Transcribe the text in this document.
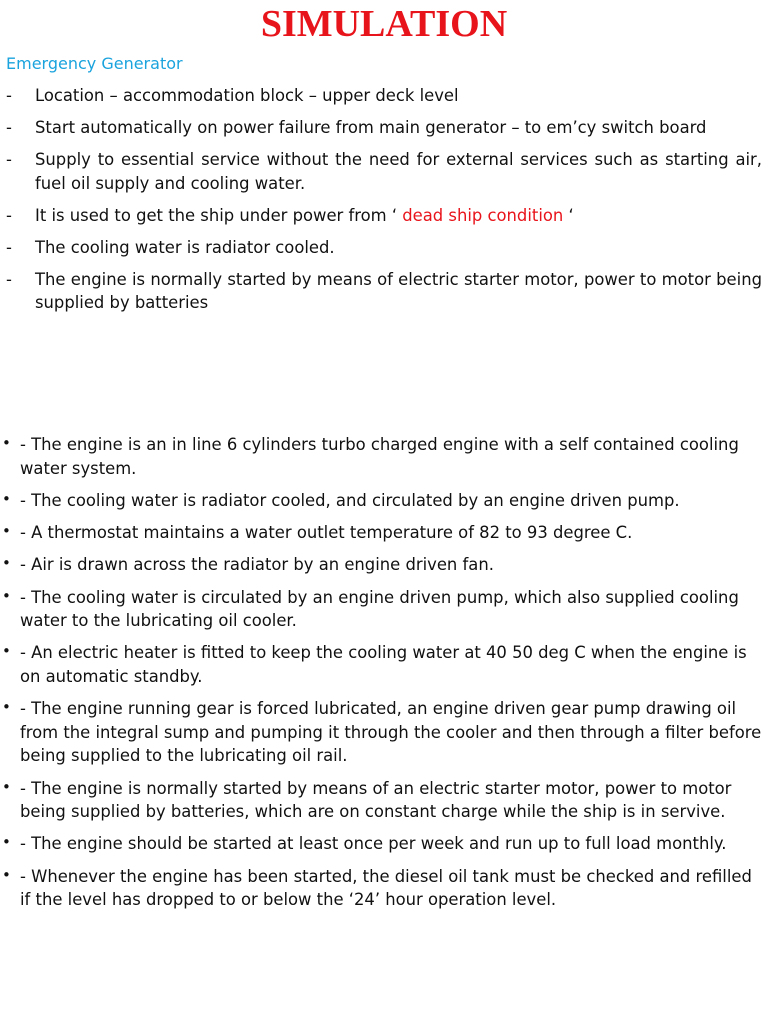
SIMULATION
Emergency Generator
-	Location – accommodation block – upper deck level
-	Start automatically on power failure from main generator – to em’cy switch board
-	Supply to essential service without the need for external services such as starting air, fuel oil supply and cooling water.
-	It is used to get the ship under power from ‘ dead ship condition ‘
-	The cooling water is radiator cooled.
-	The engine is normally started by means of electric starter motor, power to motor being supplied by batteries
• - The engine is an in line 6 cylinders turbo charged engine with a self contained cooling water system.
• - The cooling water is radiator cooled, and circulated by an engine driven pump.
• - A thermostat maintains a water outlet temperature of 82 to 93 degree C.
• - Air is drawn across the radiator by an engine driven fan.
• - The cooling water is circulated by an engine driven pump, which also supplied cooling water to the lubricating oil cooler.
• - An electric heater is fitted to keep the cooling water at 40 50 deg C when the engine is on automatic standby.
• - The engine running gear is forced lubricated, an engine driven gear pump drawing oil from the integral sump and pumping it through the cooler and then through a filter before being supplied to the lubricating oil rail.
• - The engine is normally started by means of an electric starter motor, power to motor being supplied by batteries, which are on constant charge while the ship is in servive.
• - The engine should be started at least once per week and run up to full load monthly.
• - Whenever the engine has been started, the diesel oil tank must be checked and refilled if the level has dropped to or below the ‘24’ hour operation level.
